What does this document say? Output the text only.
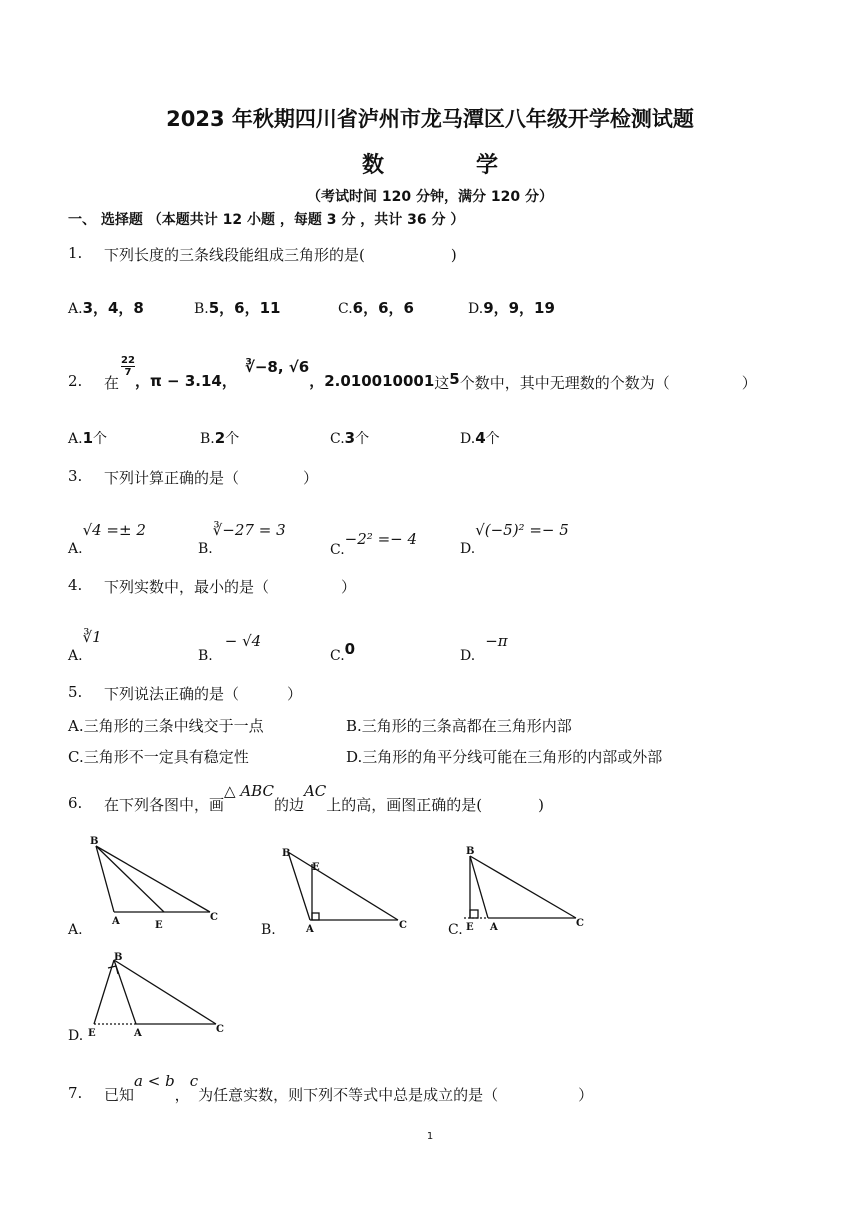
2023 年秋期四川省泸州市龙马潭区八年级开学检测试题
数	学
（考试时间 120 分钟，满分 120 分）
一、 选择题 （本题共计 12 小题 ，每题 3 分 ，共计 36 分 ）
1. 下列长度的三条线段能组成三角形的是(	)
A.3，4，8	B.5，6，11	C.6，6，6	D.9，9，19
2. 在
$\frac{22}{7}$，π − 3.14，∛−8, √6，2.010010001这5个数中，其中无理数的个数为（	）
A.1个	B.2个	C.3个	D.4个
3. 下列计算正确的是（	）
A.√4 =± 2
B.∛−27 = 3
C.−2² =− 4
D.√(−5)² =− 5
4. 下列实数中，最小的是（	）
A.∛1
B.− √4
C.0	D.−π
5. 下列说法正确的是（	）
A.三角形的三条中线交于一点	B.三角形的三条高都在三角形内部
C.三角形不一定具有稳定性	D.三角形的角平分线可能在三角形的内部或外部
6. 在下列各图中，画△ ABC的边AC上的高，画图正确的是(	)
A.
B
A	E
C
B.
B
E
A	C	C.
B
E A	C
D.
B
E	A	C
7. 已知a < b，c为任意实数，则下列不等式中总是成立的是（	）
1
